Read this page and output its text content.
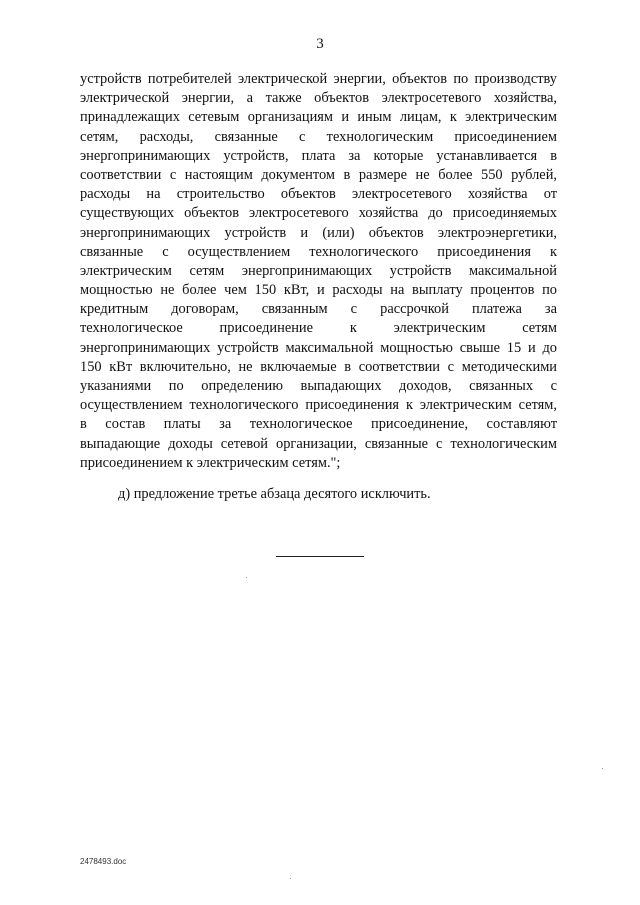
3
устройств потребителей электрической энергии, объектов по производству
электрической энергии, а также объектов электросетевого хозяйства,
принадлежащих сетевым организациям и иным лицам, к электрическим
сетям, расходы, связанные с технологическим присоединением
энергопринимающих устройств, плата за которые устанавливается в
соответствии с настоящим документом в размере не более 550 рублей,
расходы на строительство объектов электросетевого хозяйства от
существующих объектов электросетевого хозяйства до присоединяемых
энергопринимающих устройств и (или) объектов электроэнергетики,
связанные с осуществлением технологического присоединения к
электрическим сетям энергопринимающих устройств максимальной
мощностью не более чем 150 кВт, и расходы на выплату процентов по
кредитным договорам, связанным с рассрочкой платежа за
технологическое присоединение к электрическим сетям
энергопринимающих устройств максимальной мощностью свыше 15 и до
150 кВт включительно, не включаемые в соответствии с методическими
указаниями по определению выпадающих доходов, связанных с
осуществлением технологического присоединения к электрическим сетям,
в состав платы за технологическое присоединение, составляют
выпадающие доходы сетевой организации, связанные с технологическим
присоединением к электрическим сетям.";
д) предложение третье абзаца десятого исключить.
2478493.doc
